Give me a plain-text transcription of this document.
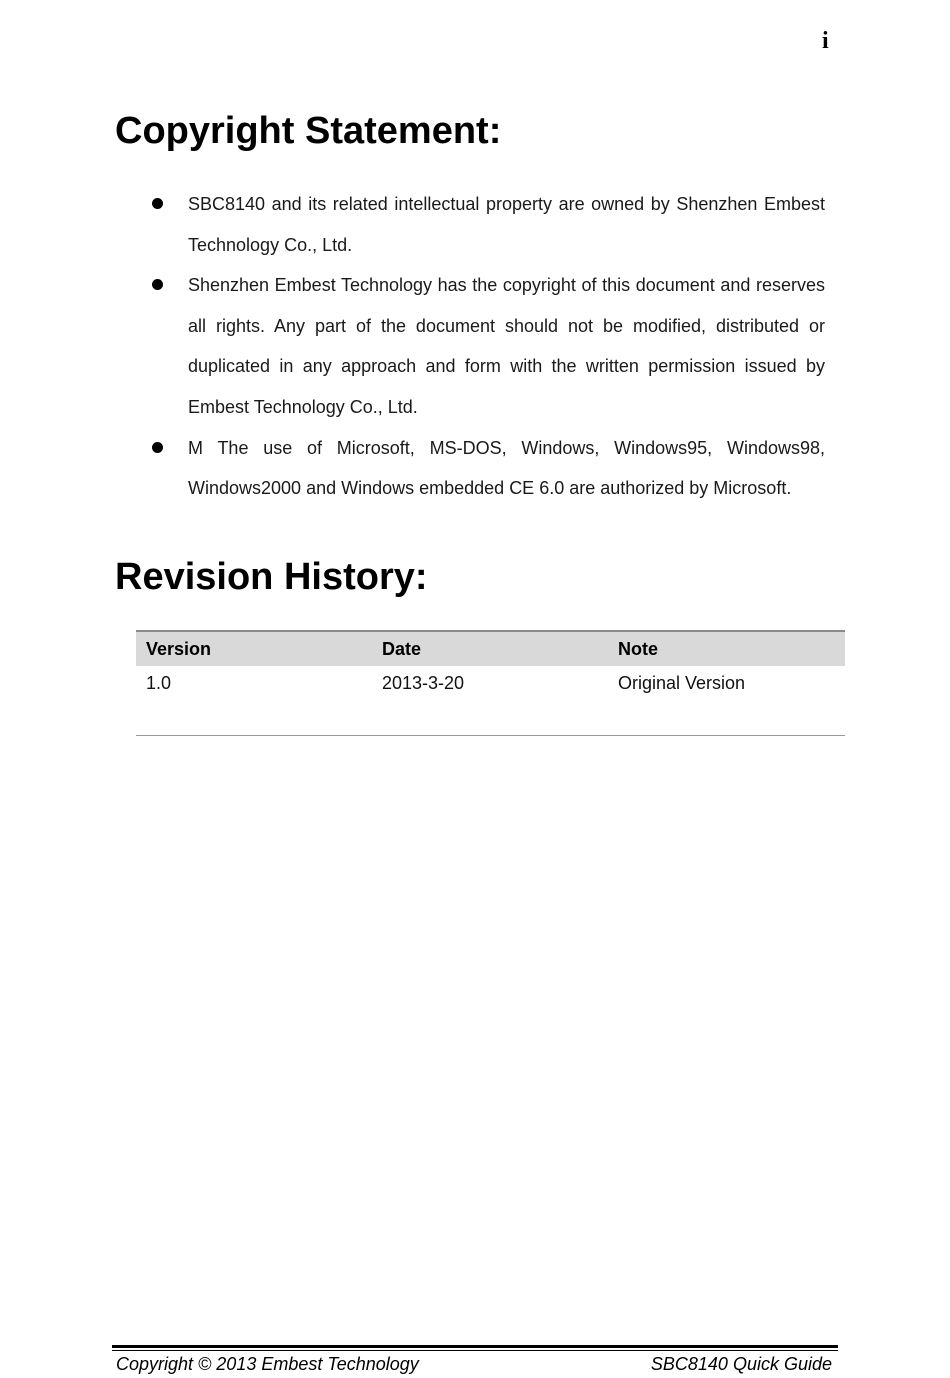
i
Copyright Statement:
SBC8140 and its related intellectual property are owned by Shenzhen Embest Technology Co., Ltd.
Shenzhen Embest Technology has the copyright of this document and reserves all rights. Any part of the document should not be modified, distributed or duplicated in any approach and form with the written permission issued by Embest Technology Co., Ltd.
M The use of Microsoft, MS-DOS, Windows, Windows95, Windows98, Windows2000 and Windows embedded CE 6.0 are authorized by Microsoft.
Revision History:
Version	Date	Note
1.0	2013-3-20	Original Version
Copyright © 2013 Embest Technology	SBC8140 Quick Guide
